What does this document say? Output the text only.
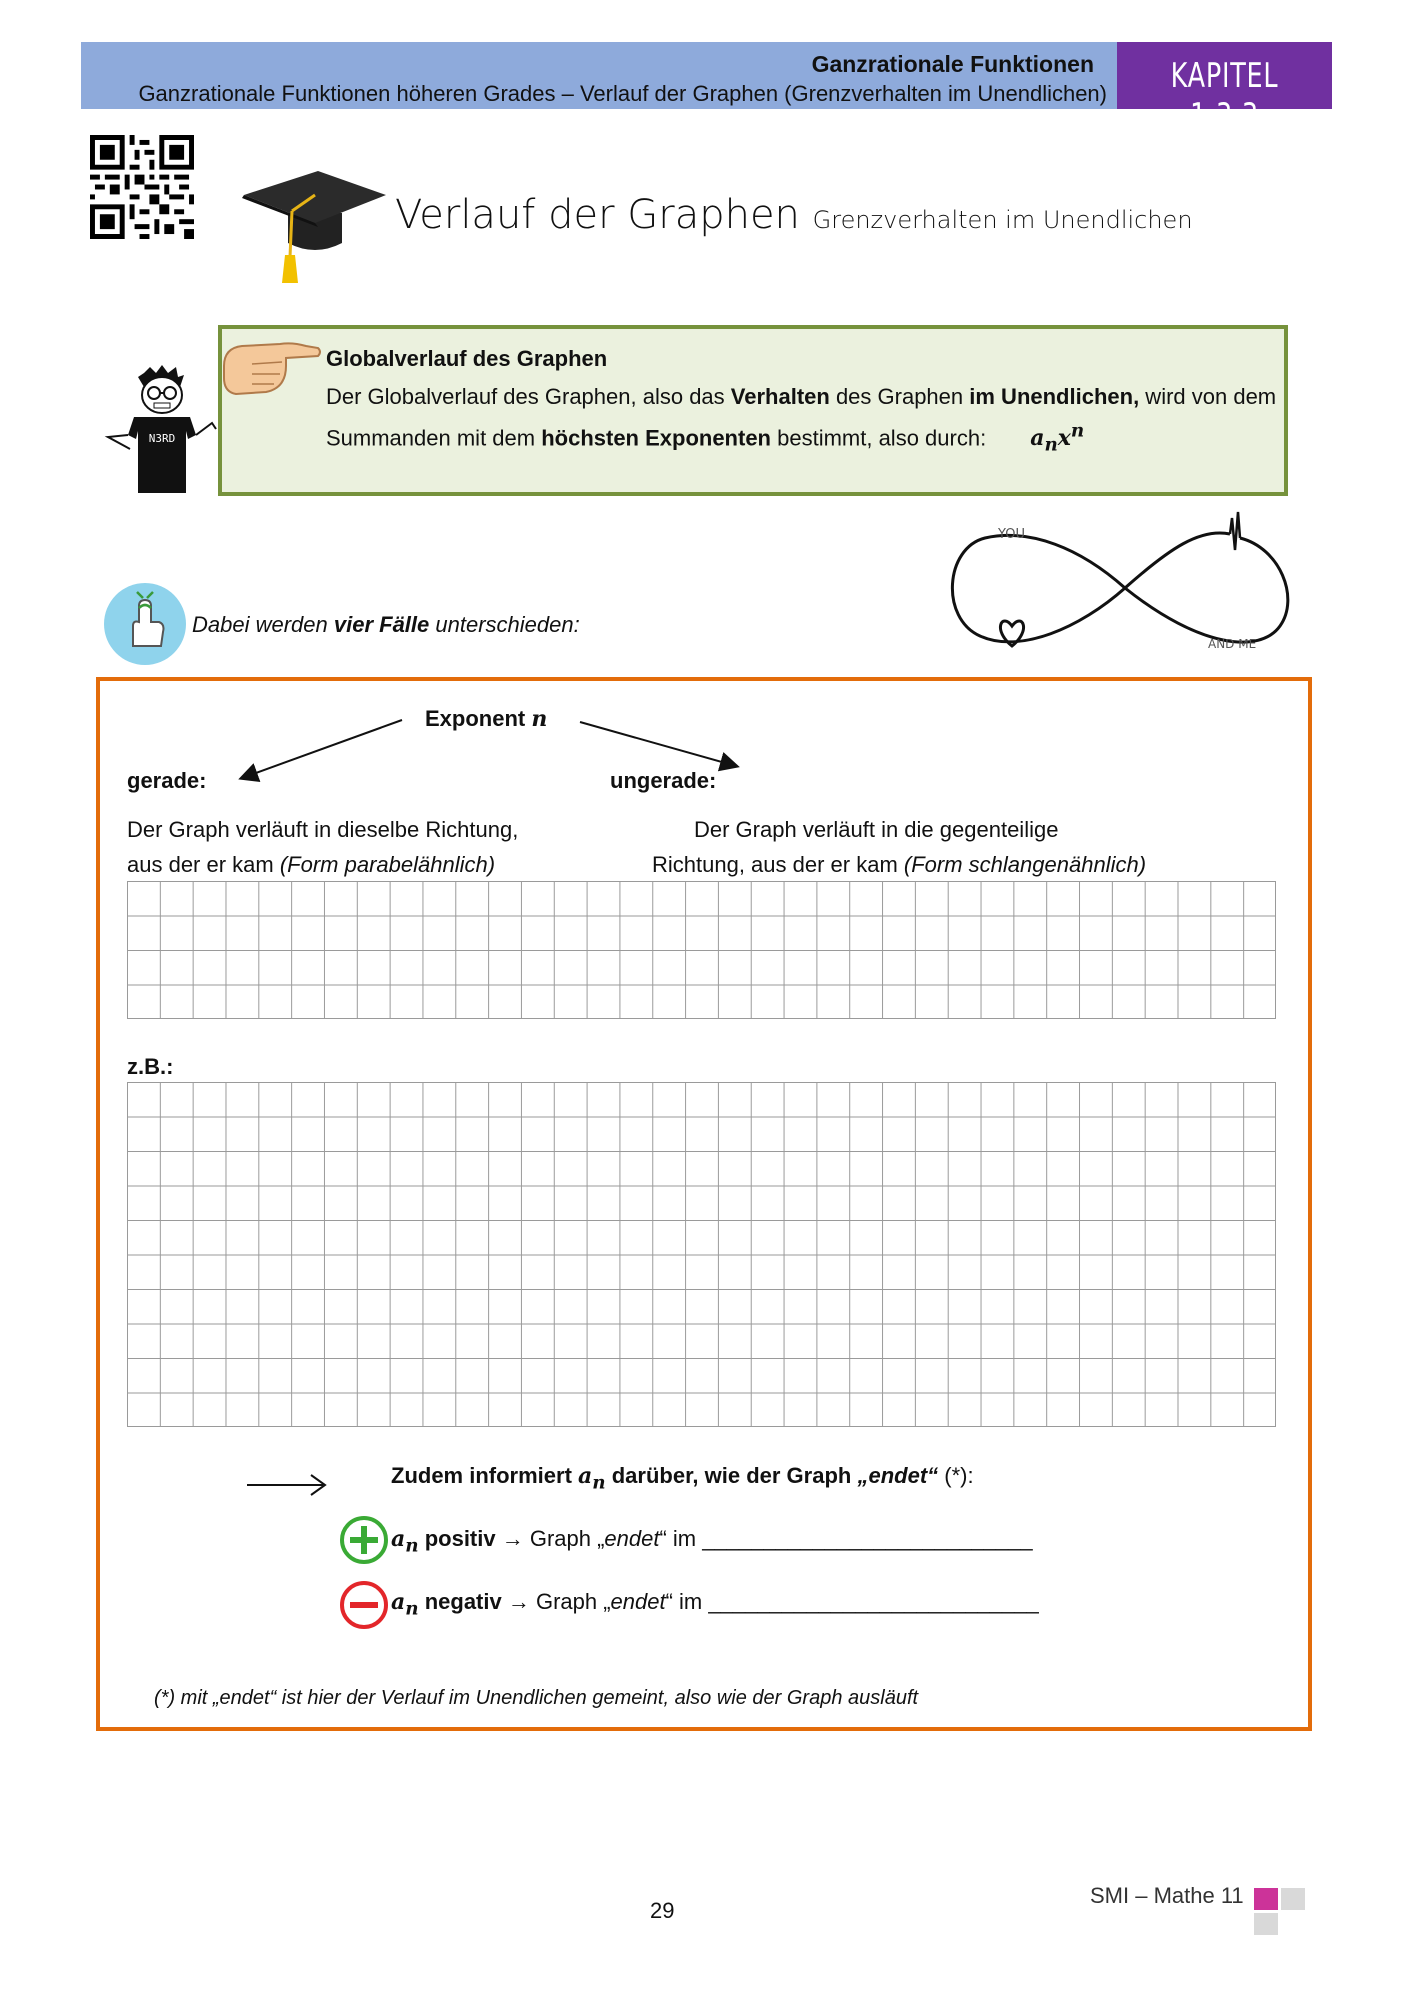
Ganzrationale Funktionen
Ganzrationale Funktionen höheren Grades – Verlauf der Graphen (Grenzverhalten im Unendlichen)	KAPITEL 1.3.3
Verlauf der Graphen Grenzverhalten im Unendlichen
N3RD
Globalverlauf des Graphen
Der Globalverlauf des Graphen, also das Verhalten des Graphen im Unendlichen, wird von dem Summanden mit dem höchsten Exponenten bestimmt, also durch: $a_nx^n$
YOU
AND ME
Dabei werden vier Fälle unterschieden:
Exponent n
gerade:	ungerade:
Der Graph verläuft in dieselbe Richtung,
aus der er kam (Form parabelähnlich)
Der Graph verläuft in die gegenteilige
Richtung, aus der er kam (Form schlangenähnlich)
z.B.:
Zudem informiert $a_n$ darüber, wie der Graph „endet“ (*):
$a_n$ positiv → Graph „endet“ im ___________________________
$a_n$ negativ → Graph „endet“ im ___________________________
(*) mit „endet“ ist hier der Verlauf im Unendlichen gemeint, also wie der Graph ausläuft
29
SMI – Mathe 11
